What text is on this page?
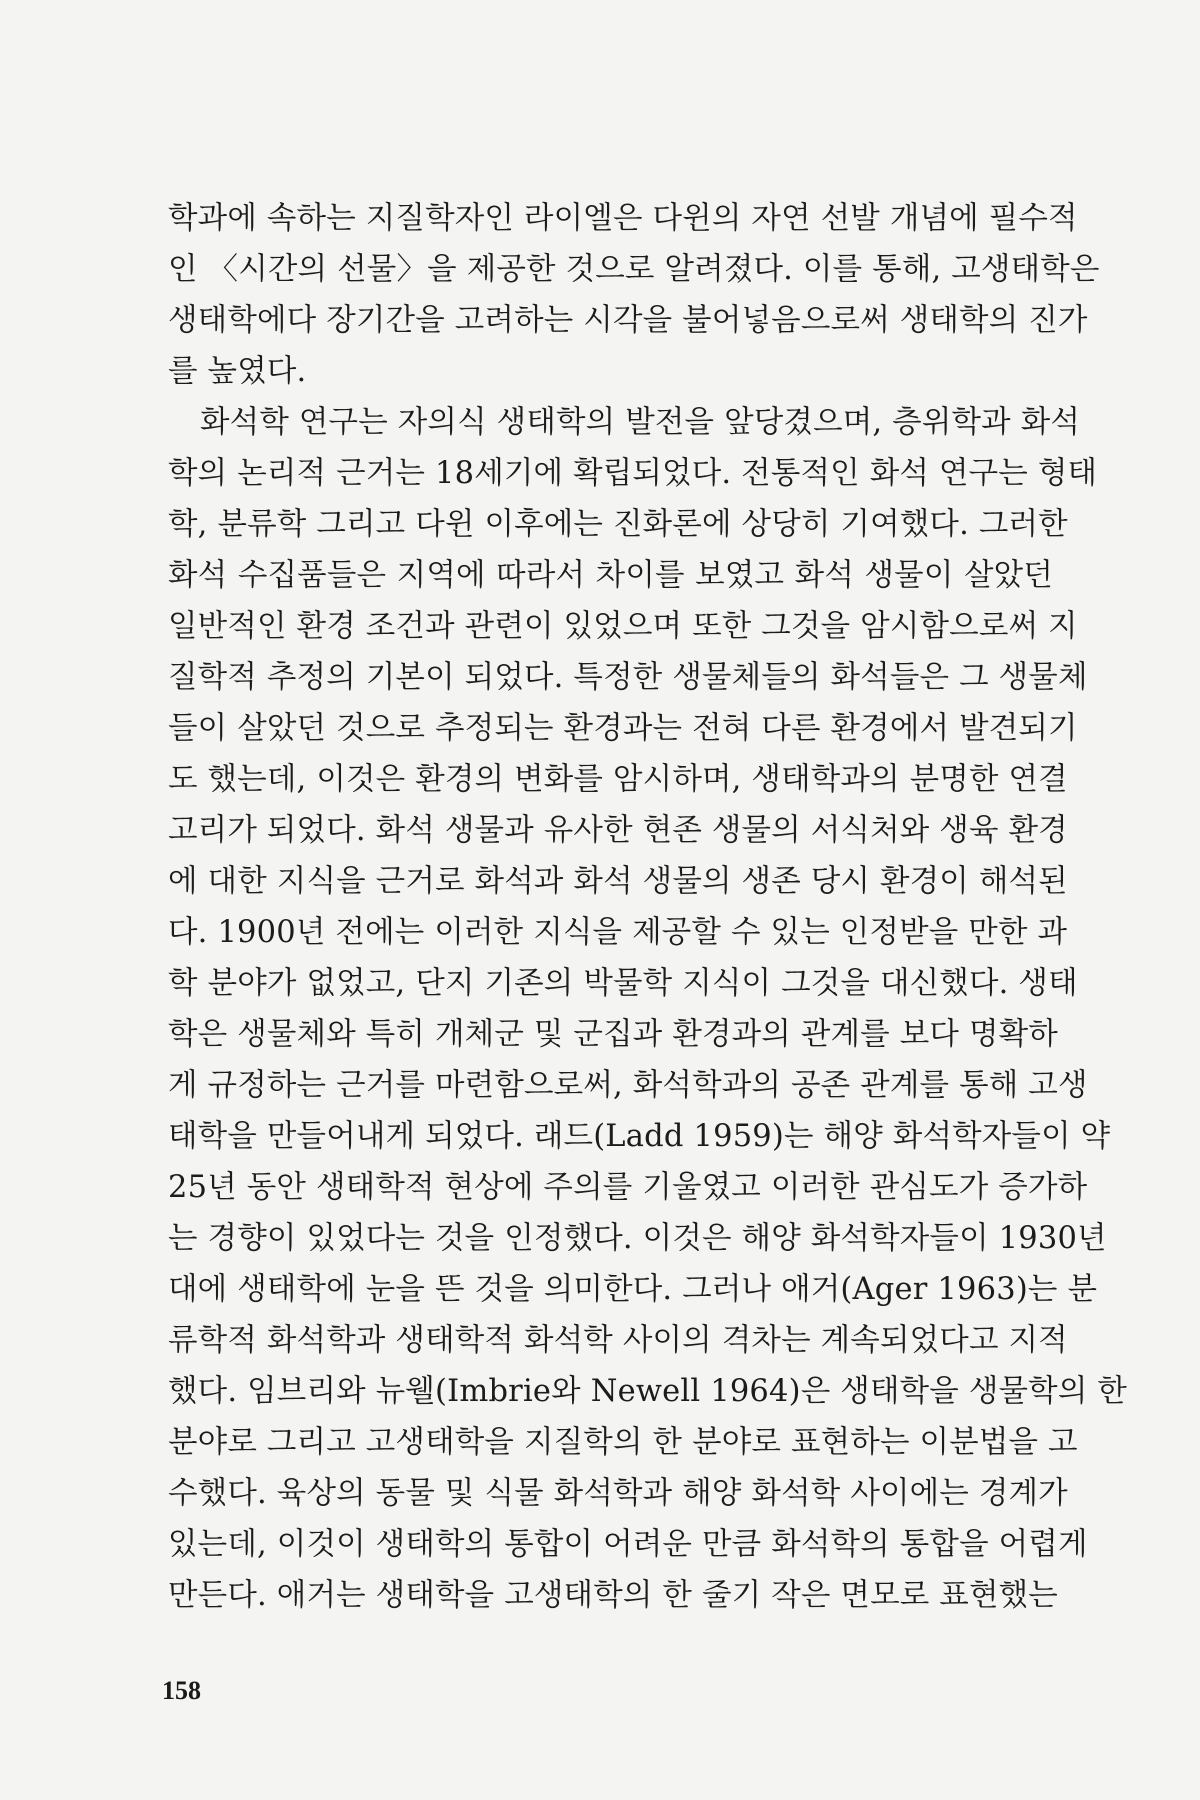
학과에 속하는 지질학자인 라이엘은 다윈의 자연 선발 개념에 필수적
인 〈시간의 선물〉을 제공한 것으로 알려졌다. 이를 통해, 고생태학은
생태학에다 장기간을 고려하는 시각을 불어넣음으로써 생태학의 진가
를 높였다.
화석학 연구는 자의식 생태학의 발전을 앞당겼으며, 층위학과 화석
학의 논리적 근거는 18세기에 확립되었다. 전통적인 화석 연구는 형태
학, 분류학 그리고 다윈 이후에는 진화론에 상당히 기여했다. 그러한
화석 수집품들은 지역에 따라서 차이를 보였고 화석 생물이 살았던
일반적인 환경 조건과 관련이 있었으며 또한 그것을 암시함으로써 지
질학적 추정의 기본이 되었다. 특정한 생물체들의 화석들은 그 생물체
들이 살았던 것으로 추정되는 환경과는 전혀 다른 환경에서 발견되기
도 했는데, 이것은 환경의 변화를 암시하며, 생태학과의 분명한 연결
고리가 되었다. 화석 생물과 유사한 현존 생물의 서식처와 생육 환경
에 대한 지식을 근거로 화석과 화석 생물의 생존 당시 환경이 해석된
다. 1900년 전에는 이러한 지식을 제공할 수 있는 인정받을 만한 과
학 분야가 없었고, 단지 기존의 박물학 지식이 그것을 대신했다. 생태
학은 생물체와 특히 개체군 및 군집과 환경과의 관계를 보다 명확하
게 규정하는 근거를 마련함으로써, 화석학과의 공존 관계를 통해 고생
태학을 만들어내게 되었다. 래드(Ladd 1959)는 해양 화석학자들이 약
25년 동안 생태학적 현상에 주의를 기울였고 이러한 관심도가 증가하
는 경향이 있었다는 것을 인정했다. 이것은 해양 화석학자들이 1930년
대에 생태학에 눈을 뜬 것을 의미한다. 그러나 애거(Ager 1963)는 분
류학적 화석학과 생태학적 화석학 사이의 격차는 계속되었다고 지적
했다. 임브리와 뉴웰(Imbrie와 Newell 1964)은 생태학을 생물학의 한
분야로 그리고 고생태학을 지질학의 한 분야로 표현하는 이분법을 고
수했다. 육상의 동물 및 식물 화석학과 해양 화석학 사이에는 경계가
있는데, 이것이 생태학의 통합이 어려운 만큼 화석학의 통합을 어렵게
만든다. 애거는 생태학을 고생태학의 한 줄기 작은 면모로 표현했는
158
